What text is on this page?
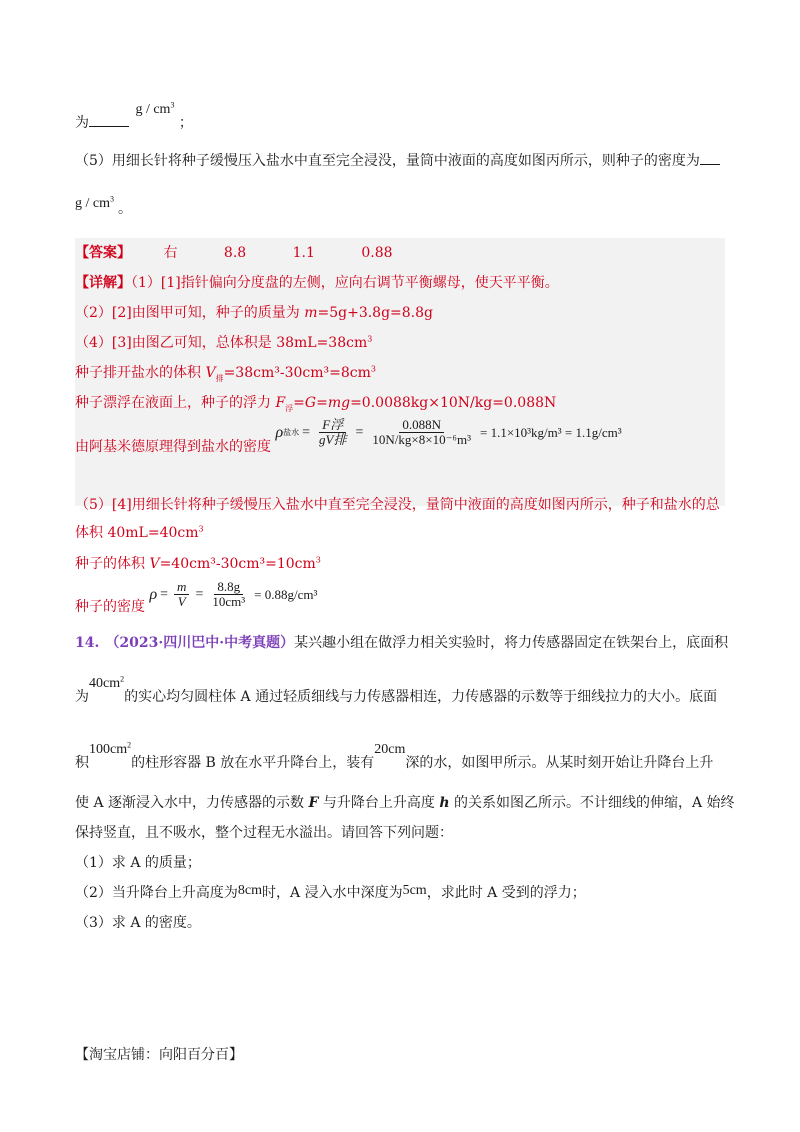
为 g / $cm^3$ ；
（5）用细长针将种子缓慢压入盐水中直至完全浸没，量筒中液面的高度如图丙所示，则种子的密度为
g / $cm^3$。
【答案】 右	8.8	1.1	0.88
【详解】（1）[1]指针偏向分度盘的左侧，应向右调节平衡螺母，使天平平衡。
（2）[2]由图甲可知，种子的质量为 m=5g+3.8g=8.8g
（4）[3]由图乙可知，总体积是 $38mL=38cm^3$
种子排开盐水的体积 $V_排=38cm^3-30cm^3=8cm^3$
种子漂浮在液面上，种子的浮力 $F_浮=G=mg=0.0088kg\times 10N/kg=0.088N$
由阿基米德原理得到盐水的密度
ρ 盐水 = $\frac{\text{F浮}}{\text{gV排}} = \frac{0.088N}{\text{10N/kg×8×10⁻⁶m³}} = 1.1\times 10^3kg/m^3 = 1.1g/cm^3$
（5）[4]用细长针将种子缓慢压入盐水中直至完全浸没，量筒中液面的高度如图丙所示，种子和盐水的总
体积 $40mL=40cm^3$
种子的体积 $V=40cm^3-30cm^3=10cm^3$
种子的密度
$\rho = \frac{m}{V} = \frac{8.8g}{\text{10cm³}} = 0.88g/cm^3$
14. （2023·四川巴中·中考真题）某兴趣小组在做浮力相关实验时，将力传感器固定在铁架台上，底面积
为$40cm^2$的实心均匀圆柱体 A 通过轻质细线与力传感器相连，力传感器的示数等于细线拉力的大小。底面
积$100cm^2$的柱形容器 B 放在水平升降台上，装有20cm深的水，如图甲所示。从某时刻开始让升降台上升
使 A 逐渐浸入水中，力传感器的示数 F 与升降台上升高度 h 的关系如图乙所示。不计细线的伸缩，A 始终
保持竖直，且不吸水，整个过程无水溢出。请回答下列问题：
（1）求 A 的质量；
（2）当升降台上升高度为8cm时，A 浸入水中深度为5cm，求此时 A 受到的浮力；
（3）求 A 的密度。
【淘宝店铺：向阳百分百】
